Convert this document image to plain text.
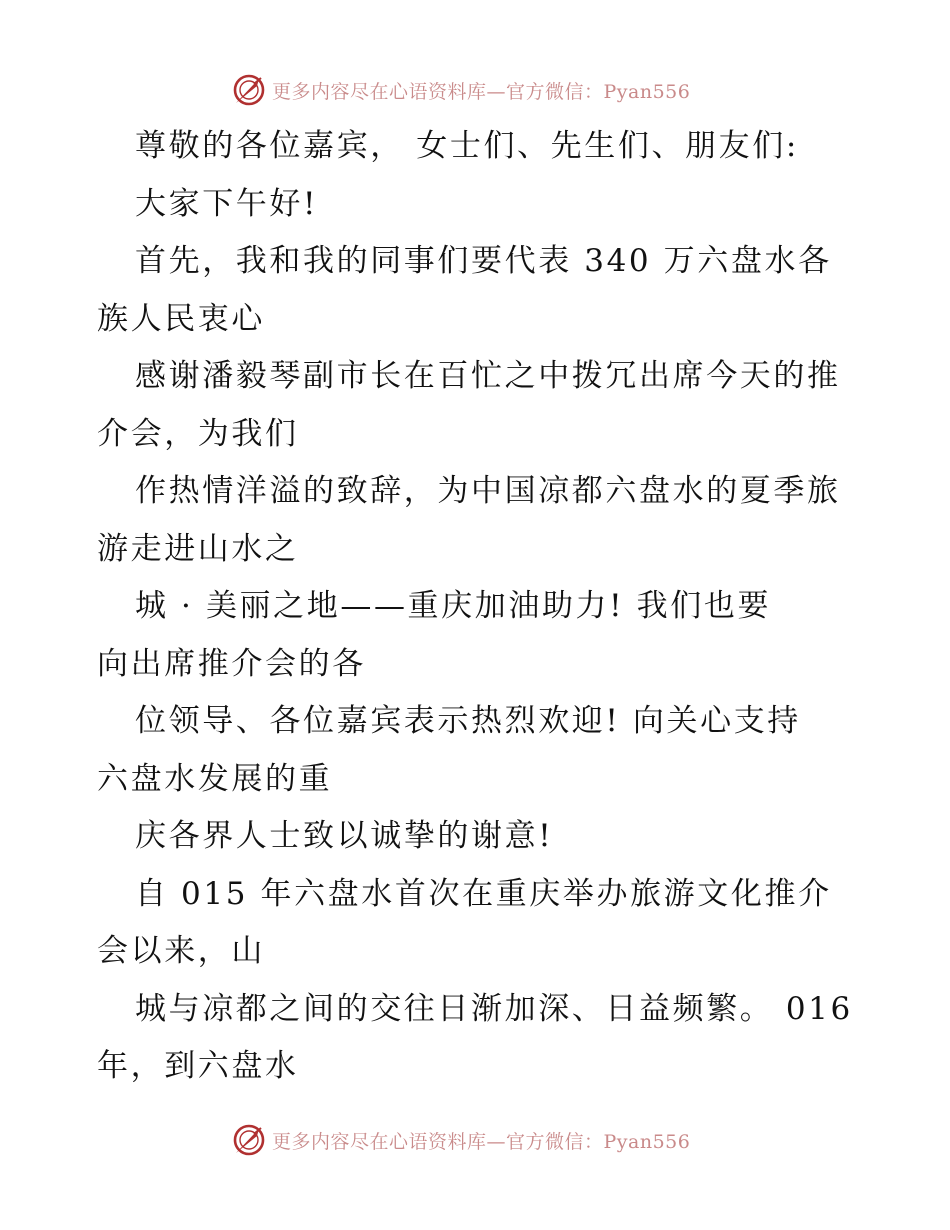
更多内容尽在心语资料库—官方微信：Pyan556
尊敬的各位嘉宾， 女士们、先生们、朋友们:
大家下午好!
首先，我和我的同事们要代表 340 万六盘水各
族人民衷心
感谢潘毅琴副市长在百忙之中拨冗出席今天的推
介会，为我们
作热情洋溢的致辞，为中国凉都六盘水的夏季旅
游走进山水之
城 · 美丽之地——重庆加油助力! 我们也要
向出席推介会的各
位领导、各位嘉宾表示热烈欢迎! 向关心支持
六盘水发展的重
庆各界人士致以诚挚的谢意!
自 015 年六盘水首次在重庆举办旅游文化推介
会以来，山
城与凉都之间的交往日渐加深、日益频繁。 016
年，到六盘水
更多内容尽在心语资料库—官方微信：Pyan556
